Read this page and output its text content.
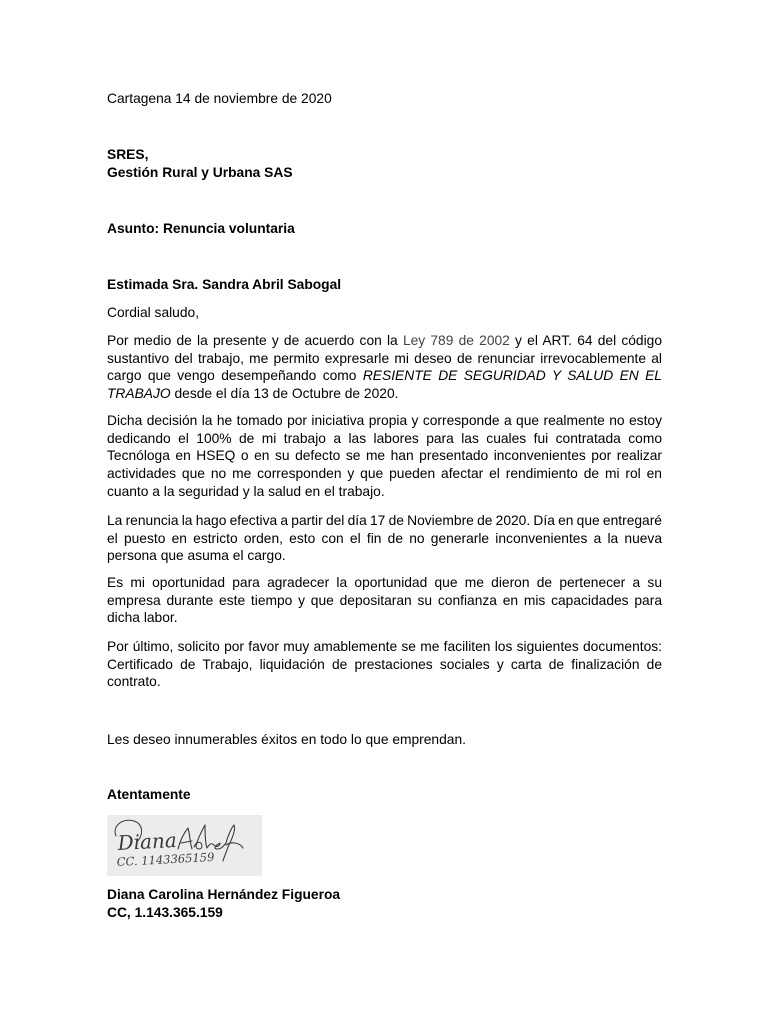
Cartagena 14 de noviembre de 2020
SRES,
Gestión Rural y Urbana SAS
Asunto: Renuncia voluntaria
Estimada Sra. Sandra Abril Sabogal
Cordial saludo,
Por medio de la presente y de acuerdo con la Ley 789 de 2002 y el ART. 64 del código
sustantivo del trabajo, me permito expresarle mi deseo de renunciar irrevocablemente al
cargo que vengo desempeñando como RESIENTE DE SEGURIDAD Y SALUD EN EL
TRABAJO desde el día 13 de Octubre de 2020.
Dicha decisión la he tomado por iniciativa propia y corresponde a que realmente no estoy
dedicando el 100% de mi trabajo a las labores para las cuales fui contratada como
Tecnóloga en HSEQ o en su defecto se me han presentado inconvenientes por realizar
actividades que no me corresponden y que pueden afectar el rendimiento de mi rol en
cuanto a la seguridad y la salud en el trabajo.
La renuncia la hago efectiva a partir del día 17 de Noviembre de 2020. Día en que entregaré
el puesto en estricto orden, esto con el fin de no generarle inconvenientes a la nueva
persona que asuma el cargo.
Es mi oportunidad para agradecer la oportunidad que me dieron de pertenecer a su
empresa durante este tiempo y que depositaran su confianza en mis capacidades para
dicha labor.
Por último, solicito por favor muy amablemente se me faciliten los siguientes documentos:
Certificado de Trabajo, liquidación de prestaciones sociales y carta de finalización de
contrato.
Les deseo innumerables éxitos en todo lo que emprendan.
Atentamente
Diana
CC. 1143365159
Diana Carolina Hernández Figueroa
CC, 1.143.365.159
